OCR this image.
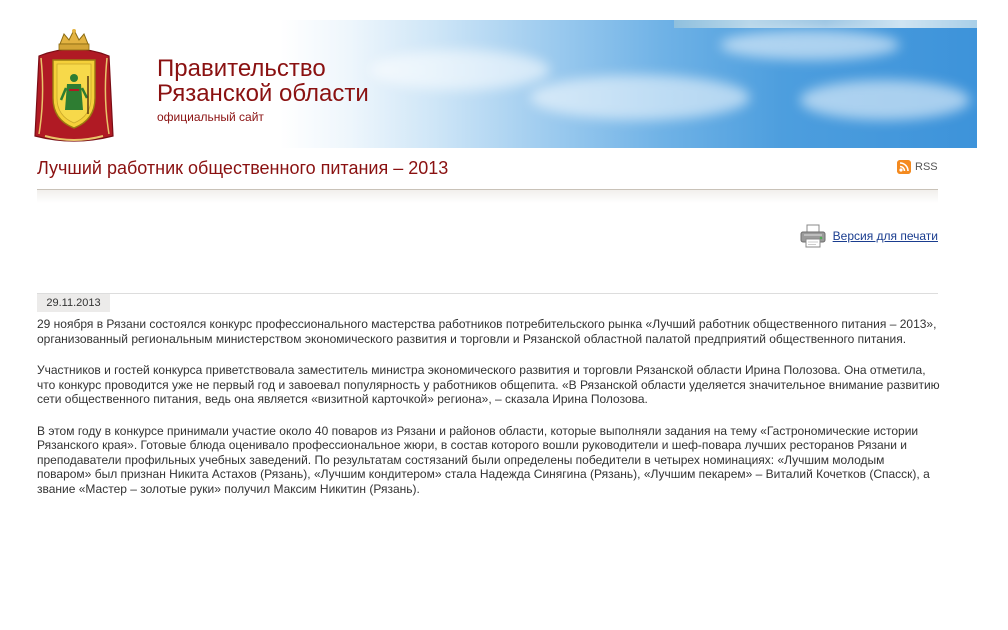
Правительство
Рязанской области
официальный сайт
Лучший работник общественного питания – 2013	RSS
Версия для печати
29.11.2013

29 ноября в Рязани состоялся конкурс профессионального мастерства работников потребительского рынка «Лучший работник общественного питания – 2013», организованный региональным министерством экономического развития и торговли и Рязанской областной палатой предприятий общественного питания.

Участников и гостей конкурса приветствовала заместитель министра экономического развития и торговли Рязанской области Ирина Полозова. Она отметила, что конкурс проводится уже не первый год и завоевал популярность у работников общепита. «В Рязанской области уделяется значительное внимание развитию сети общественного питания, ведь она является «визитной карточкой» региона», – сказала Ирина Полозова.

В этом году в конкурсе принимали участие около 40 поваров из Рязани и районов области, которые выполняли задания на тему «Гастрономические истории Рязанского края». Готовые блюда оценивало профессиональное жюри, в состав которого вошли руководители и шеф-повара лучших ресторанов Рязани и преподаватели профильных учебных заведений. По результатам состязаний были определены победители в четырех номинациях: «Лучшим молодым поваром» был признан Никита Астахов (Рязань), «Лучшим кондитером» стала Надежда Синягина (Рязань), «Лучшим пекарем» – Виталий Кочетков (Спасск), а звание «Мастер – золотые руки» получил Максим Никитин (Рязань).
